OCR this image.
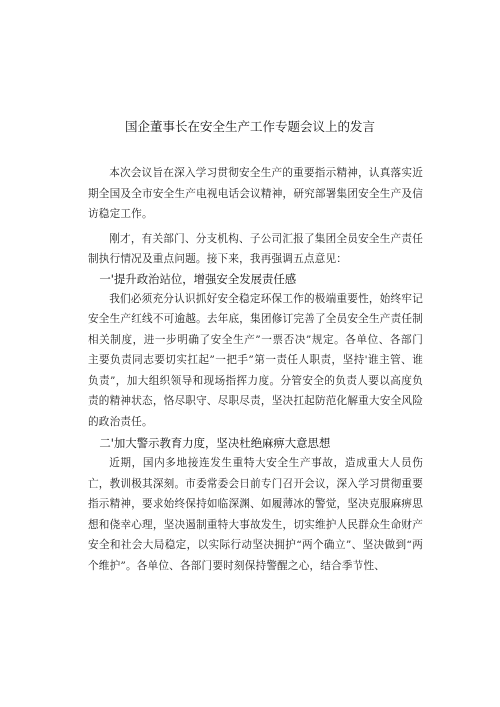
国企董事长在安全生产工作专题会议上的发言

本次会议旨在深入学习贯彻安全生产的重要指示精神，认真落实近期全国及全市安全生产电视电话会议精神，研究部署集团安全生产及信访稳定工作。

刚才，有关部门、分支机构、子公司汇报了集团全员安全生产责任制执行情况及重点问题。接下来，我再强调五点意见：

一'提升政治站位，增强安全发展责任感

我们必须充分认识抓好安全稳定环保工作的极端重要性，始终牢记安全生产红线不可逾越。去年底，集团修订完善了全员安全生产责任制相关制度，进一步明确了安全生产”一票否决”规定。各单位、各部门主要负责同志要切实扛起”一把手”第一责任人职责，坚持'谁主管、谁负责”，加大组织领导和现场指挥力度。分管安全的负责人要以高度负责的精神状态，恪尽职守、尽职尽责，坚决扛起防范化解重大安全风险的政治责任。

二'加大警示教育力度，坚决杜绝麻痹大意思想

近期，国内多地接连发生重特大安全生产事故，造成重大人员伤亡，教训极其深刻。市委常委会日前专门召开会议，深入学习贯彻重要指示精神，要求始终保持如临深渊、如履薄冰的警觉，坚决克服麻痹思想和侥幸心理，坚决遏制重特大事故发生，切实维护人民群众生命财产安全和社会大局稳定，以实际行动坚决拥护“两个确立”、坚决做到“两个维护”。各单位、各部门要时刻保持警醒之心，结合季节性、
